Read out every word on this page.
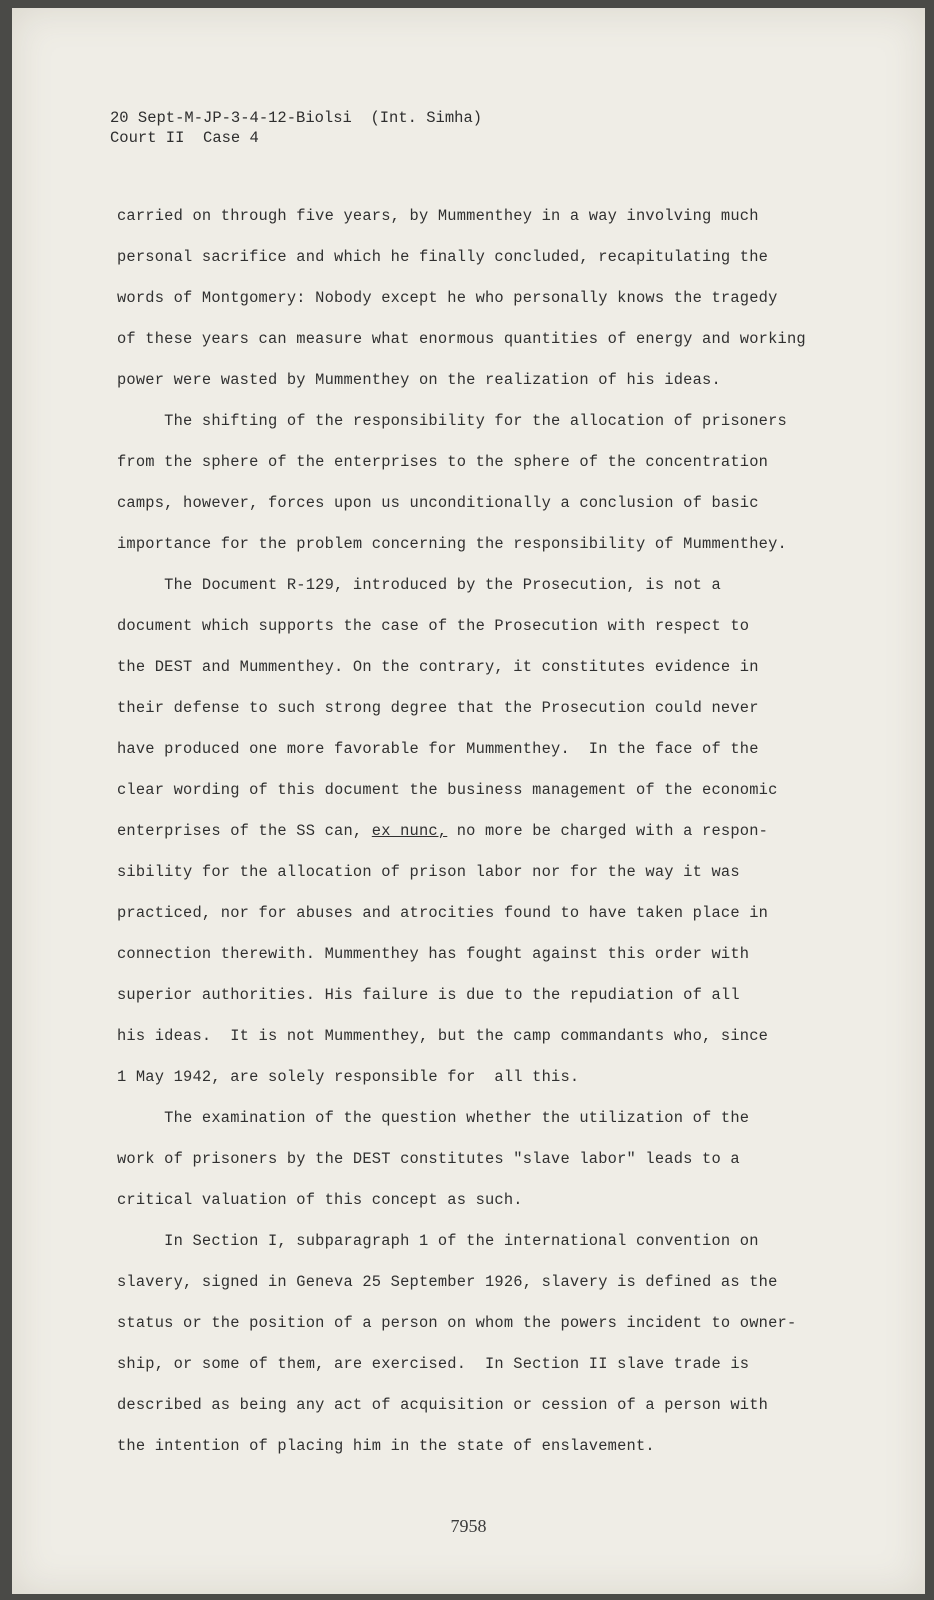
20 Sept-M-JP-3-4-12-Biolsi  (Int. Simha)
Court II  Case 4
carried on through five years, by Mummenthey in a way involving much
personal sacrifice and which he finally concluded, recapitulating the
words of Montgomery: Nobody except he who personally knows the tragedy
of these years can measure what enormous quantities of energy and working
power were wasted by Mummenthey on the realization of his ideas.
The shifting of the responsibility for the allocation of prisoners
from the sphere of the enterprises to the sphere of the concentration
camps, however, forces upon us unconditionally a conclusion of basic
importance for the problem concerning the responsibility of Mummenthey.
The Document R-129, introduced by the Prosecution, is not a
document which supports the case of the Prosecution with respect to
the DEST and Mummenthey. On the contrary, it constitutes evidence in
their defense to such strong degree that the Prosecution could never
have produced one more favorable for Mummenthey.  In the face of the
clear wording of this document the business management of the economic
enterprises of the SS can, ex nunc, no more be charged with a respon-
sibility for the allocation of prison labor nor for the way it was
practiced, nor for abuses and atrocities found to have taken place in
connection therewith. Mummenthey has fought against this order with
superior authorities. His failure is due to the repudiation of all
his ideas.  It is not Mummenthey, but the camp commandants who, since
1 May 1942, are solely responsible for  all this.
The examination of the question whether the utilization of the
work of prisoners by the DEST constitutes "slave labor" leads to a
critical valuation of this concept as such.
In Section I, subparagraph 1 of the international convention on
slavery, signed in Geneva 25 September 1926, slavery is defined as the
status or the position of a person on whom the powers incident to owner-
ship, or some of them, are exercised.  In Section II slave trade is
described as being any act of acquisition or cession of a person with
the intention of placing him in the state of enslavement.
7958
